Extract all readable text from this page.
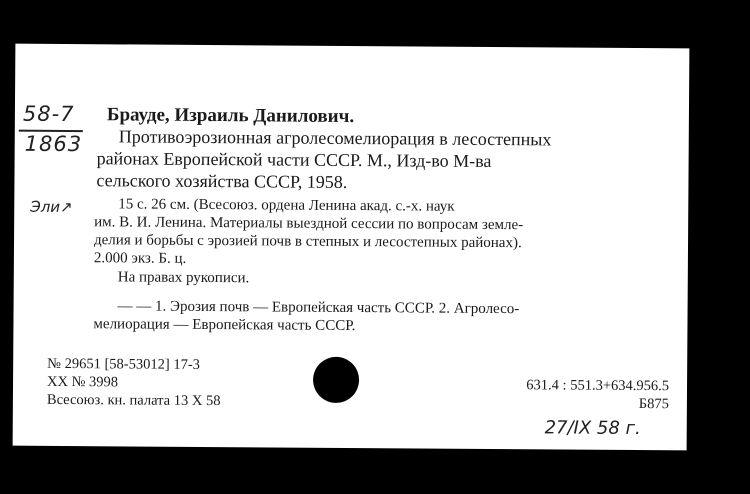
58-7
1863
Эли↗
Брауде, Израиль Данилович.
Противоэрозионная агролесомелиорация в лесостепных
районах Европейской части СССР. М., Изд-во М-ва
сельского хозяйства СССР, 1958.
15 с. 26 см. (Всесоюз. ордена Ленина акад. с.-х. наук
им. В. И. Ленина. Материалы выездной сессии по вопросам земле-
делия и борьбы с эрозией почв в степных и лесостепных районах).
2.000 экз. Б. ц.
На правах рукописи.
— — 1. Эрозия почв — Европейская часть СССР. 2. Агролесо-
мелиорация — Европейская часть СССР.
№ 29651 [58-53012] 17-3
XX № 3998
Всесоюз. кн. палата 13 X 58
631.4 : 551.3+634.956.5
Б875
27/IX 58 г.
